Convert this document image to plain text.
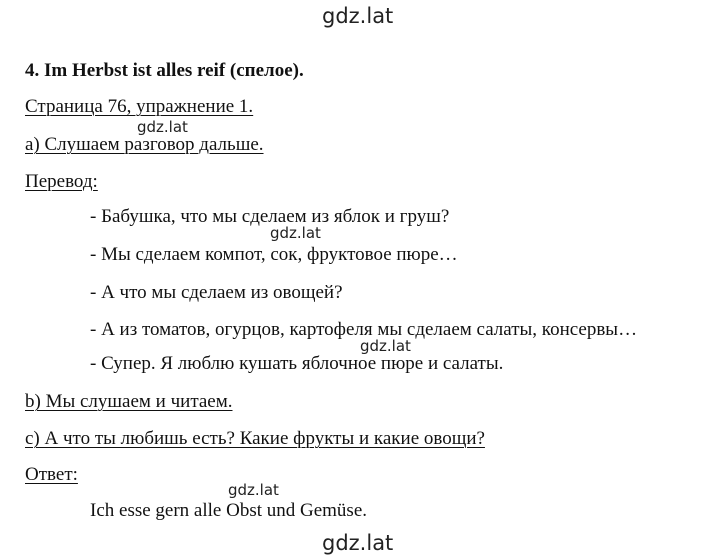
gdz.lat
4. Im Herbst ist alles reif (спелое).
Страница 76, упражнение 1.
gdz.lat
а) Слушаем разговор дальше.
Перевод:
- Бабушка, что мы сделаем из яблок и груш?
gdz.lat
- Мы сделаем компот, сок, фруктовое пюре…
- А что мы сделаем из овощей?
- А из томатов, огурцов, картофеля мы сделаем салаты, консервы…
gdz.lat
- Супер. Я люблю кушать яблочное пюре и салаты.
b) Мы слушаем и читаем.
c) А что ты любишь есть? Какие фрукты и какие овощи?
Ответ:
gdz.lat
Ich esse gern alle Obst und Gemüse.
gdz.lat
